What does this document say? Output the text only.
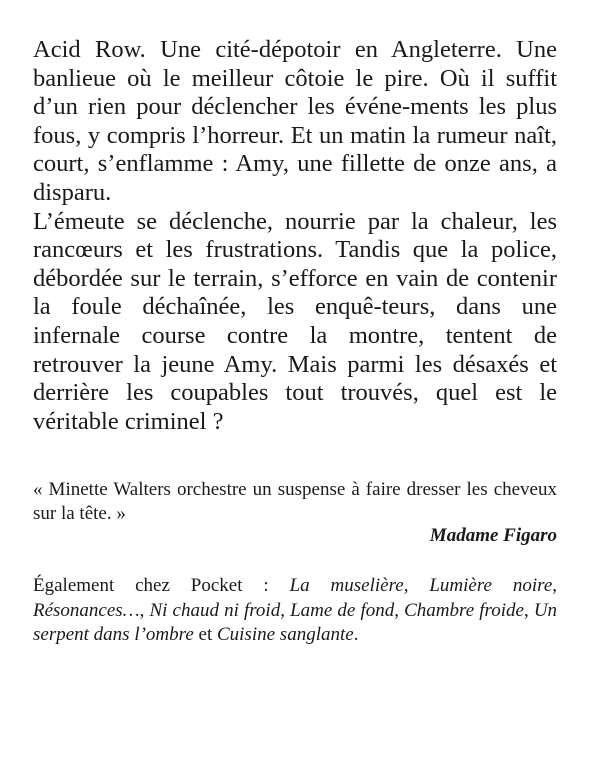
Acid Row. Une cité-dépotoir en Angleterre. Une banlieue où le meilleur côtoie le pire. Où il suffit d’un rien pour déclencher les événe-ments les plus fous, y compris l’horreur. Et un matin la rumeur naît, court, s’enflamme : Amy, une fillette de onze ans, a disparu.

L’émeute se déclenche, nourrie par la chaleur, les rancœurs et les frustrations. Tandis que la police, débordée sur le terrain, s’efforce en vain de contenir la foule déchaînée, les enquê-teurs, dans une infernale course contre la montre, tentent de retrouver la jeune Amy. Mais parmi les désaxés et derrière les coupables tout trouvés, quel est le véritable criminel ?

« Minette Walters orchestre un suspense à faire dresser les cheveux sur la tête. »

Madame Figaro

Également chez Pocket : La muselière, Lumière noire, Résonances…, Ni chaud ni froid, Lame de fond, Chambre froide, Un serpent dans l’ombre et Cuisine sanglante.
